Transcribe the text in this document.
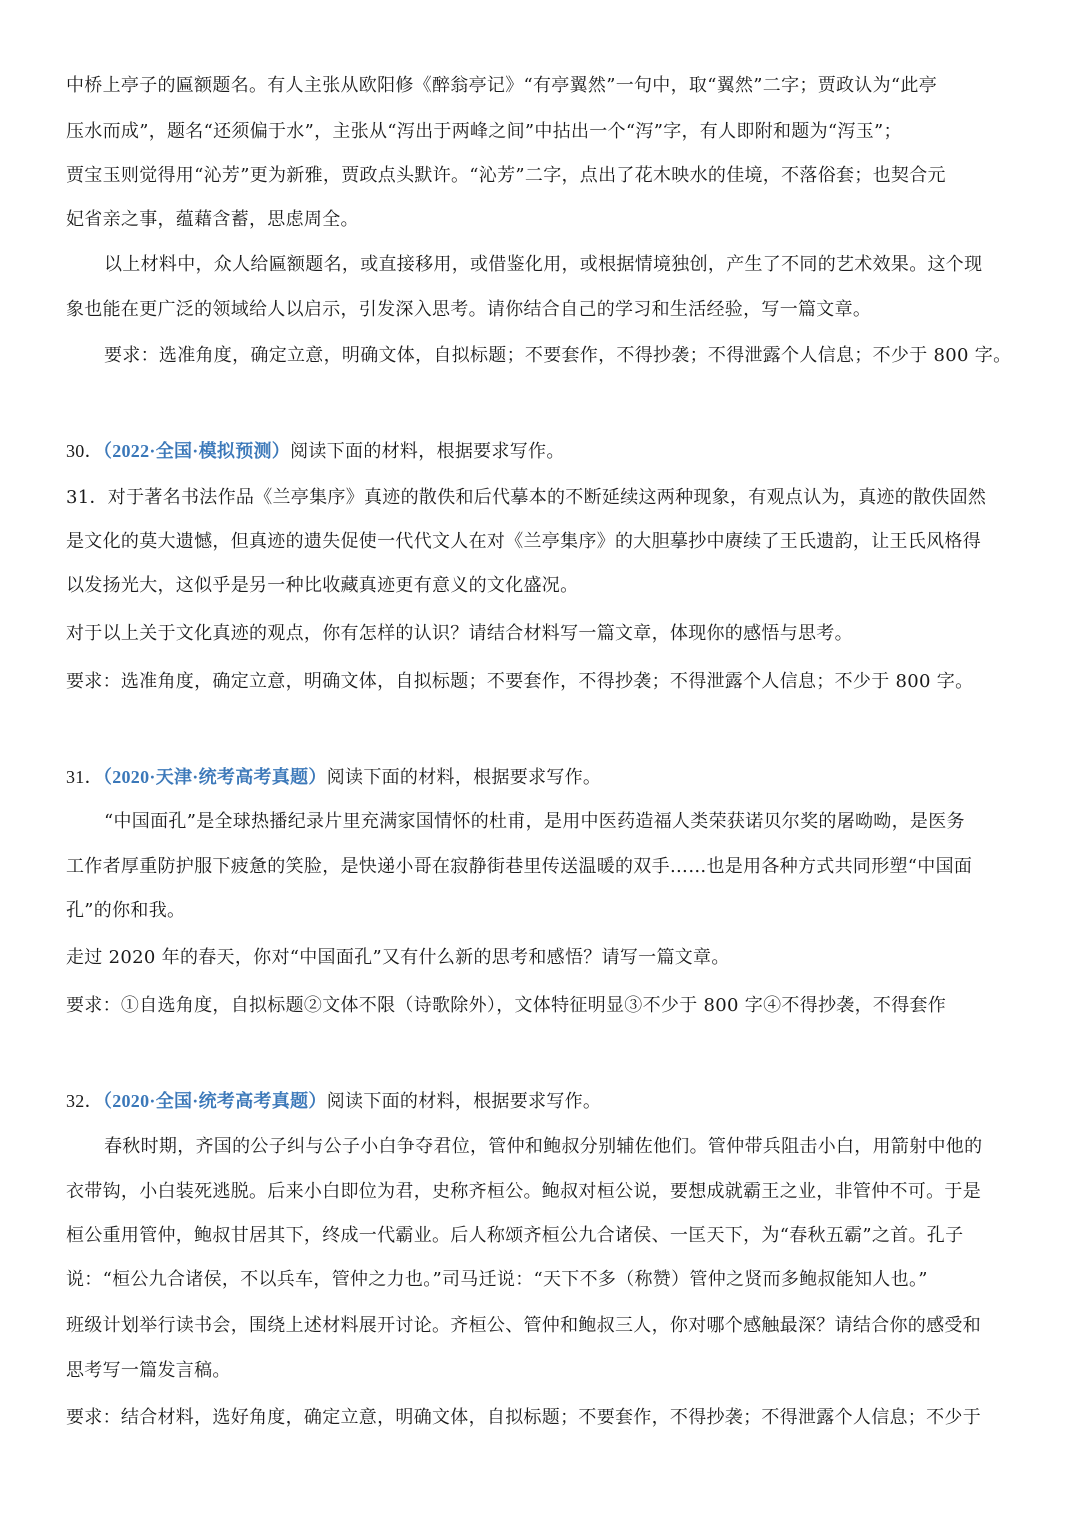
中桥上亭子的匾额题名。有人主张从欧阳修《醉翁亭记》“有亭翼然”一句中，取“翼然”二字；贾政认为“此亭
压水而成”，题名“还须偏于水”，主张从“泻出于两峰之间”中拈出一个“泻”字，有人即附和题为“泻玉”；
贾宝玉则觉得用“沁芳”更为新雅，贾政点头默许。“沁芳”二字，点出了花木映水的佳境，不落俗套；也契合元
妃省亲之事，蕴藉含蓄，思虑周全。
以上材料中，众人给匾额题名，或直接移用，或借鉴化用，或根据情境独创，产生了不同的艺术效果。这个现
象也能在更广泛的领域给人以启示，引发深入思考。请你结合自己的学习和生活经验，写一篇文章。
要求：选准角度，确定立意，明确文体，自拟标题；不要套作，不得抄袭；不得泄露个人信息；不少于 800 字。
30．（2022·全国·模拟预测）阅读下面的材料，根据要求写作。
31．对于著名书法作品《兰亭集序》真迹的散佚和后代摹本的不断延续这两种现象，有观点认为，真迹的散佚固然
是文化的莫大遗憾，但真迹的遗失促使一代代文人在对《兰亭集序》的大胆摹抄中赓续了王氏遗韵，让王氏风格得
以发扬光大，这似乎是另一种比收藏真迹更有意义的文化盛况。
对于以上关于文化真迹的观点，你有怎样的认识？请结合材料写一篇文章，体现你的感悟与思考。
要求：选准角度，确定立意，明确文体，自拟标题；不要套作，不得抄袭；不得泄露个人信息；不少于 800 字。
31．（2020·天津·统考高考真题）阅读下面的材料，根据要求写作。
“中国面孔”是全球热播纪录片里充满家国情怀的杜甫，是用中医药造福人类荣获诺贝尔奖的屠呦呦，是医务
工作者厚重防护服下疲惫的笑脸，是快递小哥在寂静街巷里传送温暖的双手……也是用各种方式共同形塑“中国面
孔”的你和我。
走过 2020 年的春天，你对“中国面孔”又有什么新的思考和感悟？请写一篇文章。
要求：①自选角度，自拟标题②文体不限（诗歌除外），文体特征明显③不少于 800 字④不得抄袭，不得套作
32．（2020·全国·统考高考真题）阅读下面的材料，根据要求写作。
春秋时期，齐国的公子纠与公子小白争夺君位，管仲和鲍叔分别辅佐他们。管仲带兵阻击小白，用箭射中他的
衣带钩，小白装死逃脱。后来小白即位为君，史称齐桓公。鲍叔对桓公说，要想成就霸王之业，非管仲不可。于是
桓公重用管仲，鲍叔甘居其下，终成一代霸业。后人称颂齐桓公九合诸侯、一匡天下，为“春秋五霸”之首。孔子
说：“桓公九合诸侯，不以兵车，管仲之力也。”司马迁说：“天下不多（称赞）管仲之贤而多鲍叔能知人也。”
班级计划举行读书会，围绕上述材料展开讨论。齐桓公、管仲和鲍叔三人，你对哪个感触最深？请结合你的感受和
思考写一篇发言稿。
要求：结合材料，选好角度，确定立意，明确文体，自拟标题；不要套作，不得抄袭；不得泄露个人信息；不少于
